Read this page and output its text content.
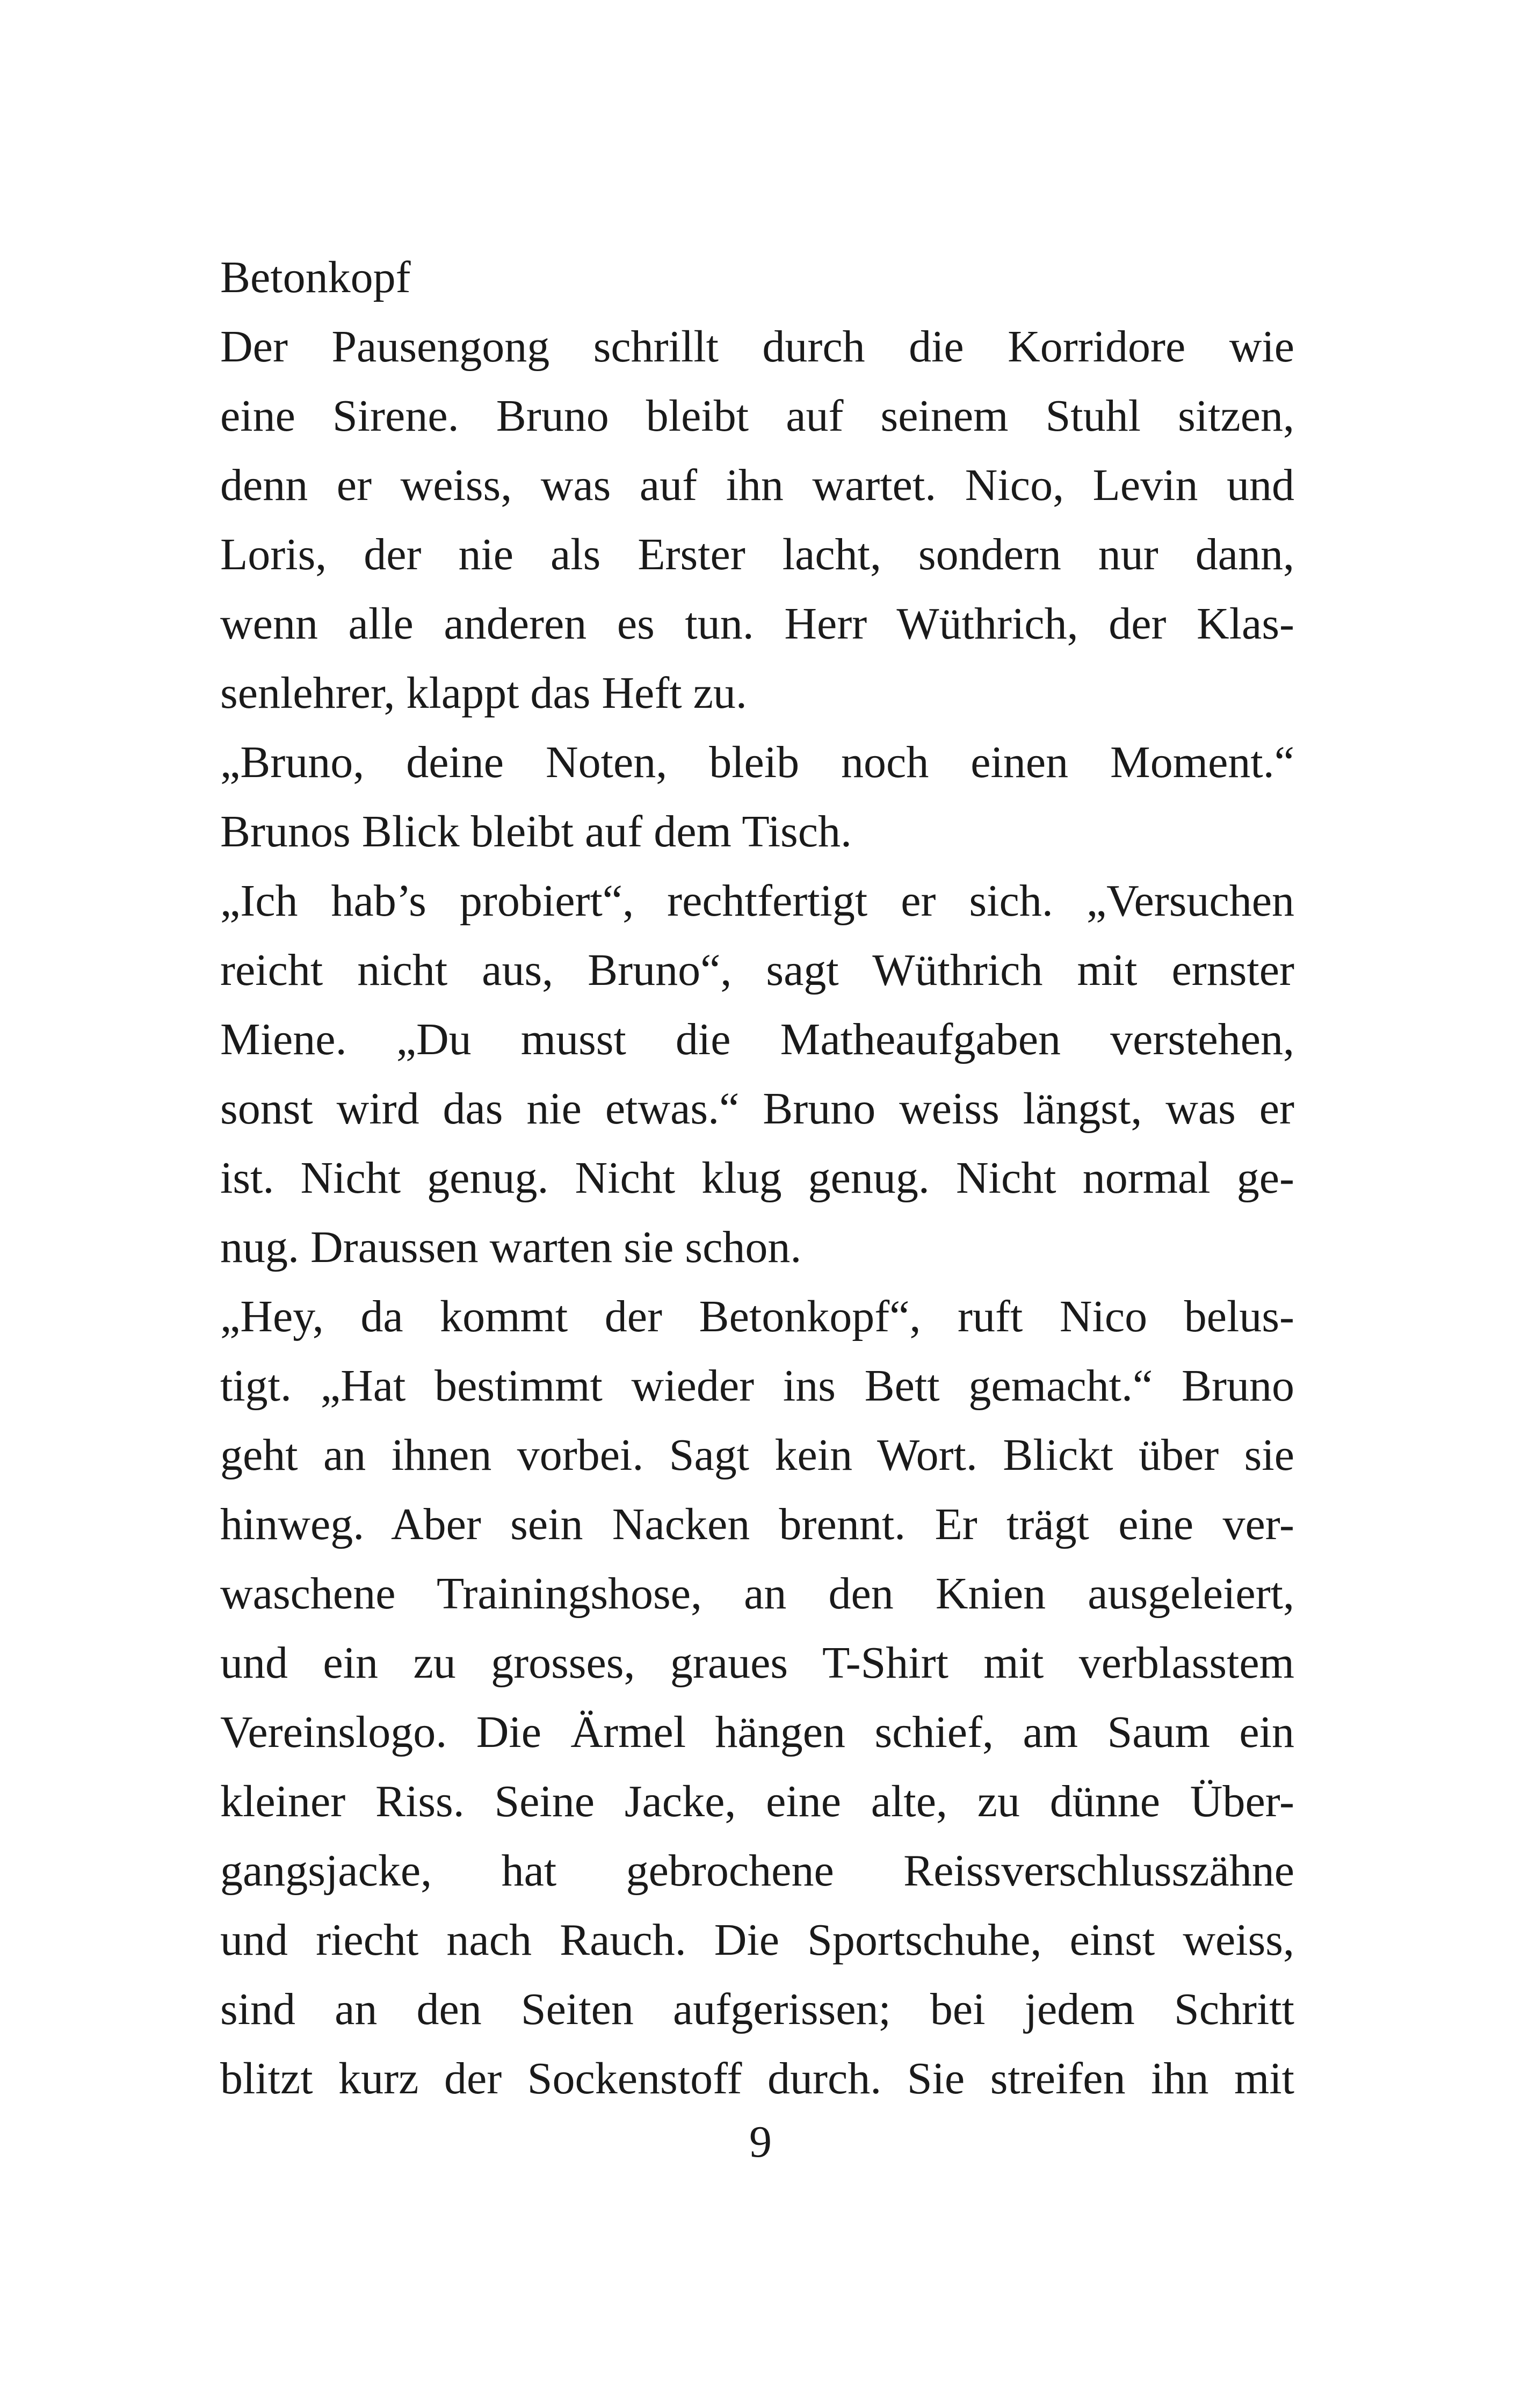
Betonkopf

Der Pausengong schrillt durch die Korridore wie
eine Sirene. Bruno bleibt auf seinem Stuhl sitzen,
denn er weiss, was auf ihn wartet. Nico, Levin und
Loris, der nie als Erster lacht, sondern nur dann,
wenn alle anderen es tun. Herr Wüthrich, der Klas-
senlehrer, klappt das Heft zu.

„Bruno, deine Noten, bleib noch einen Moment.“
Brunos Blick bleibt auf dem Tisch.

„Ich hab’s probiert“, rechtfertigt er sich. „Versuchen
reicht nicht aus, Bruno“, sagt Wüthrich mit ernster
Miene. „Du musst die Matheaufgaben verstehen,
sonst wird das nie etwas.“ Bruno weiss längst, was er
ist. Nicht genug. Nicht klug genug. Nicht normal ge-
nug. Draussen warten sie schon.

„Hey, da kommt der Betonkopf“, ruft Nico belus-
tigt. „Hat bestimmt wieder ins Bett gemacht.“ Bruno
geht an ihnen vorbei. Sagt kein Wort. Blickt über sie
hinweg. Aber sein Nacken brennt. Er trägt eine ver-
waschene Trainingshose, an den Knien ausgeleiert,
und ein zu grosses, graues T-Shirt mit verblasstem
Vereinslogo. Die Ärmel hängen schief, am Saum ein
kleiner Riss. Seine Jacke, eine alte, zu dünne Über-
gangsjacke, hat gebrochene Reissverschlusszähne
und riecht nach Rauch. Die Sportschuhe, einst weiss,
sind an den Seiten aufgerissen; bei jedem Schritt
blitzt kurz der Sockenstoff durch. Sie streifen ihn mit

9
